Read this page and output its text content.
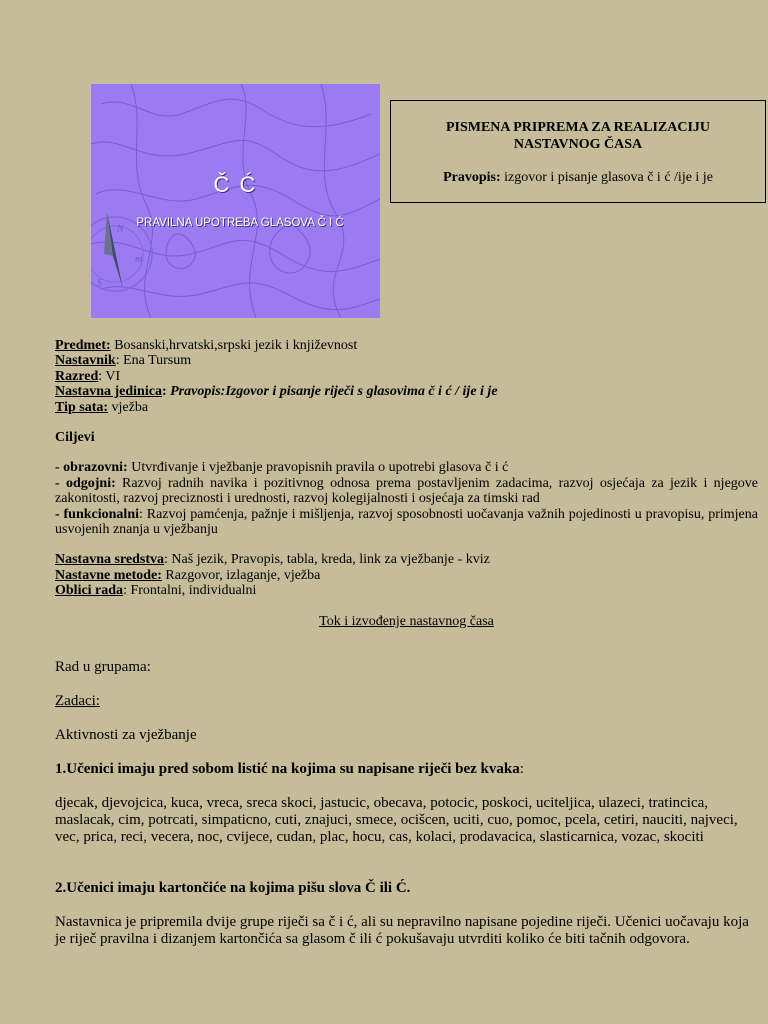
N
m
S
Č Ć
PRAVILNA UPOTREBA GLASOVA Č I Ć
PISMENA PRIPREMA ZA REALIZACIJU
NASTAVNOG ČASA
Pravopis: izgovor i pisanje glasova č i ć /ije i je

Predmet: Bosanski,hrvatski,srpski jezik i književnost

Nastavnik: Ena Tursum

Razred: VI

Nastavna jedinica: Pravopis:Izgovor i pisanje riječi s glasovima č i ć / ije i je

Tip sata: vježba

Ciljevi

- obrazovni: Utvrđivanje i vježbanje pravopisnih pravila o upotrebi glasova č i ć

- odgojni: Razvoj radnih navika i pozitivnog odnosa prema postavljenim zadacima, razvoj osjećaja za jezik i njegove zakonitosti, razvoj preciznosti i urednosti, razvoj kolegijalnosti i osjećaja za timski rad

- funkcionalni: Razvoj pamćenja, pažnje i mišljenja, razvoj sposobnosti uočavanja važnih pojedinosti u pravopisu, primjena usvojenih znanja u vježbanju

Nastavna sredstva: Naš jezik, Pravopis, tabla, kreda, link za vježbanje - kviz

Nastavne metode: Razgovor, izlaganje, vježba

Oblici rada: Frontalni, individualni

Tok i izvođenje nastavnog časa

Rad u grupama:

Zadaci:

Aktivnosti za vježbanje

1.Učenici imaju pred sobom listić na kojima su napisane riječi bez kvaka:

djecak, djevojcica, kuca, vreca, sreca skoci, jastucic, obecava, potocic, poskoci, uciteljica, ulazeci, tratincica, maslacak, cim, potrcati, simpaticno, cuti, znajuci, smece, ocišcen, uciti, cuo, pomoc, pcela, cetiri, nauciti, najveci, vec, prica, reci, vecera, noc, cvijece, cudan, plac, hocu, cas, kolaci, prodavacica, slasticarnica, vozac, skociti

2.Učenici imaju kartončiće na kojima pišu slova Č ili Ć.

Nastavnica je pripremila dvije grupe riječi sa č i ć, ali su nepravilno napisane pojedine riječi. Učenici uočavaju koja je riječ pravilna i dizanjem kartončića sa glasom č ili ć pokušavaju utvrditi koliko će biti tačnih odgovora.
